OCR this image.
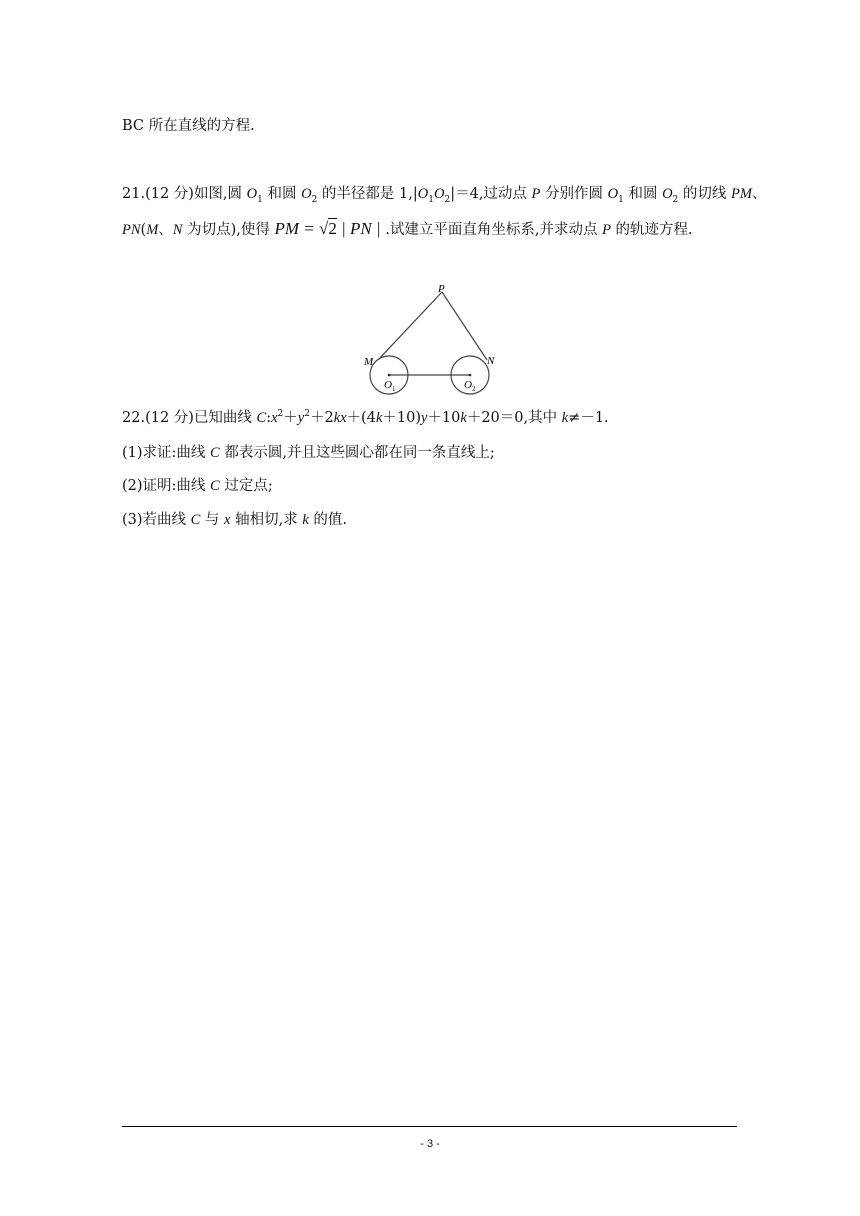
BC 所在直线的方程.
21.(12 分)如图,圆 $O_1$ 和圆 $O_2$ 的半径都是 $1,|O_1O_2|=4$,过动点 P 分别作圆 $O_1$ 和圆 $O_2$ 的切线 PM、
PN(M、N 为切点),使得 PM = √2 | PN | .试建立平面直角坐标系,并求动点 P 的轨迹方程.
P
M	N
O 1	O 2
22.(12 分)已知曲线 $C:x^2+y^2+2kx+(4k+10)y+10k+20=0$,其中 k≠－1.
(1)求证:曲线 C 都表示圆,并且这些圆心都在同一条直线上;
(2)证明:曲线 C 过定点;
(3)若曲线 C 与 x 轴相切,求 k 的值.
- 3 -
